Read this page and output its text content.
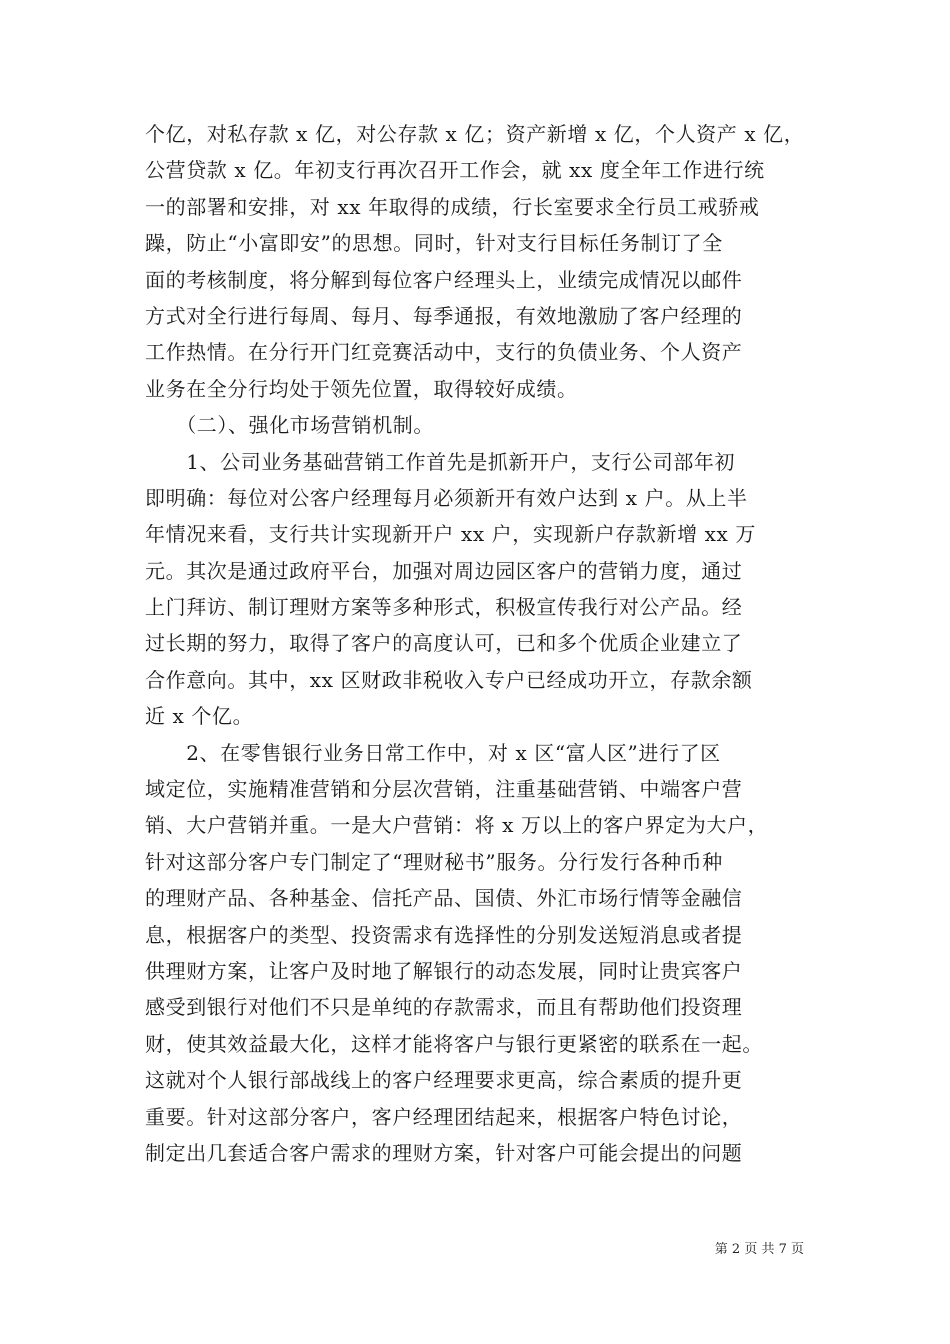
个亿，对私存款 x 亿，对公存款 x 亿；资产新增 x 亿，个人资产 x 亿，
公营贷款 x 亿。年初支行再次召开工作会，就 xx 度全年工作进行统
一的部署和安排，对 xx 年取得的成绩，行长室要求全行员工戒骄戒
躁，防止“小富即安”的思想。同时，针对支行目标任务制订了全
面的考核制度，将分解到每位客户经理头上，业绩完成情况以邮件
方式对全行进行每周、每月、每季通报，有效地激励了客户经理的
工作热情。在分行开门红竞赛活动中，支行的负债业务、个人资产
业务在全分行均处于领先位置，取得较好成绩。
　　（二）、强化市场营销机制。
　　1、公司业务基础营销工作首先是抓新开户，支行公司部年初
即明确：每位对公客户经理每月必须新开有效户达到 x 户。从上半
年情况来看，支行共计实现新开户 xx 户，实现新户存款新增 xx 万
元。其次是通过政府平台，加强对周边园区客户的营销力度，通过
上门拜访、制订理财方案等多种形式，积极宣传我行对公产品。经
过长期的努力，取得了客户的高度认可，已和多个优质企业建立了
合作意向。其中，xx 区财政非税收入专户已经成功开立，存款余额
近 x 个亿。
　　2、在零售银行业务日常工作中，对 x 区“富人区”进行了区
域定位，实施精准营销和分层次营销，注重基础营销、中端客户营
销、大户营销并重。一是大户营销：将 x 万以上的客户界定为大户，
针对这部分客户专门制定了“理财秘书”服务。分行发行各种币种
的理财产品、各种基金、信托产品、国债、外汇市场行情等金融信
息，根据客户的类型、投资需求有选择性的分别发送短消息或者提
供理财方案，让客户及时地了解银行的动态发展，同时让贵宾客户
感受到银行对他们不只是单纯的存款需求，而且有帮助他们投资理
财，使其效益最大化，这样才能将客户与银行更紧密的联系在一起。
这就对个人银行部战线上的客户经理要求更高，综合素质的提升更
重要。针对这部分客户，客户经理团结起来，根据客户特色讨论，
制定出几套适合客户需求的理财方案，针对客户可能会提出的问题
第 2 页 共 7 页
